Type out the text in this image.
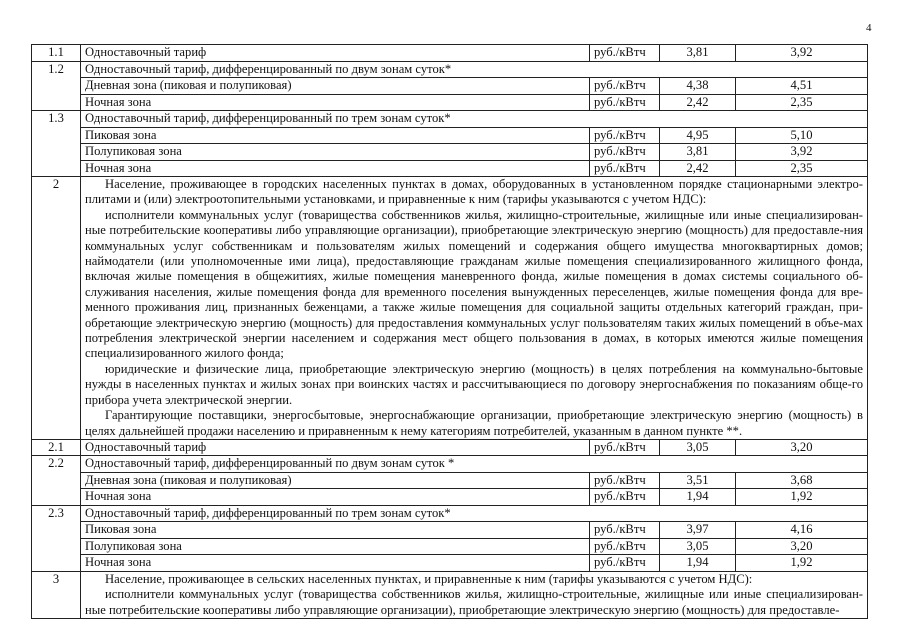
4
1.1	Одноставочный тариф	руб./кВтч	3,81	3,92
1.2	Одноставочный тариф, дифференцированный по двум зонам суток*			
	Дневная зона (пиковая и полупиковая)	руб./кВтч	4,38	4,51
	Ночная зона	руб./кВтч	2,42	2,35
1.3	Одноставочный тариф, дифференцированный по трем зонам суток*			
	Пиковая зона	руб./кВтч	4,95	5,10
	Полупиковая зона	руб./кВтч	3,81	3,92
	Ночная зона	руб./кВтч	2,42	2,35
2	Население, проживающее в городских населенных пунктах в домах, оборудованных в установленном порядке стационарными электро-плитами и (или) электроотопительными установками, и приравненные к ним (тарифы указываются с учетом НДС):

исполнители коммунальных услуг (товарищества собственников жилья, жилищно-строительные, жилищные или иные специализирован-ные потребительские кооперативы либо управляющие организации), приобретающие электрическую энергию (мощность) для предоставле-ния коммунальных услуг собственникам и пользователям жилых помещений и содержания общего имущества многоквартирных домов; наймодатели (или уполномоченные ими лица), предоставляющие гражданам жилые помещения специализированного жилищного фонда, включая жилые помещения в общежитиях, жилые помещения маневренного фонда, жилые помещения в домах системы социального об-служивания населения, жилые помещения фонда для временного поселения вынужденных переселенцев, жилые помещения фонда для вре-менного проживания лиц, признанных беженцами, а также жилые помещения для социальной защиты отдельных категорий граждан, при-обретающие электрическую энергию (мощность) для предоставления коммунальных услуг пользователям таких жилых помещений в объе-мах потребления электрической энергии населением и содержания мест общего пользования в домах, в которых имеются жилые помещения специализированного жилого фонда;

юридические и физические лица, приобретающие электрическую энергию (мощность) в целях потребления на коммунально-бытовые нужды в населенных пунктах и жилых зонах при воинских частях и рассчитывающиеся по договору энергоснабжения по показаниям обще-го прибора учета электрической энергии.

Гарантирующие поставщики, энергосбытовые, энергоснабжающие организации, приобретающие электрическую энергию (мощность) в целях дальнейшей продажи населению и приравненным к нему категориям потребителей, указанным в данном пункте **.			

2.1	Одноставочный тариф	руб./кВтч	3,05	3,20
2.2	Одноставочный тариф, дифференцированный по двум зонам суток *			
	Дневная зона (пиковая и полупиковая)	руб./кВтч	3,51	3,68
	Ночная зона	руб./кВтч	1,94	1,92
2.3	Одноставочный тариф, дифференцированный по трем зонам суток*			
	Пиковая зона	руб./кВтч	3,97	4,16
	Полупиковая зона	руб./кВтч	3,05	3,20
	Ночная зона	руб./кВтч	1,94	1,92
3	Население, проживающее в сельских населенных пунктах, и приравненные к ним (тарифы указываются с учетом НДС):

исполнители коммунальных услуг (товарищества собственников жилья, жилищно-строительные, жилищные или иные специализирован-ные потребительские кооперативы либо управляющие организации), приобретающие электрическую энергию (мощность) для предоставле-			
